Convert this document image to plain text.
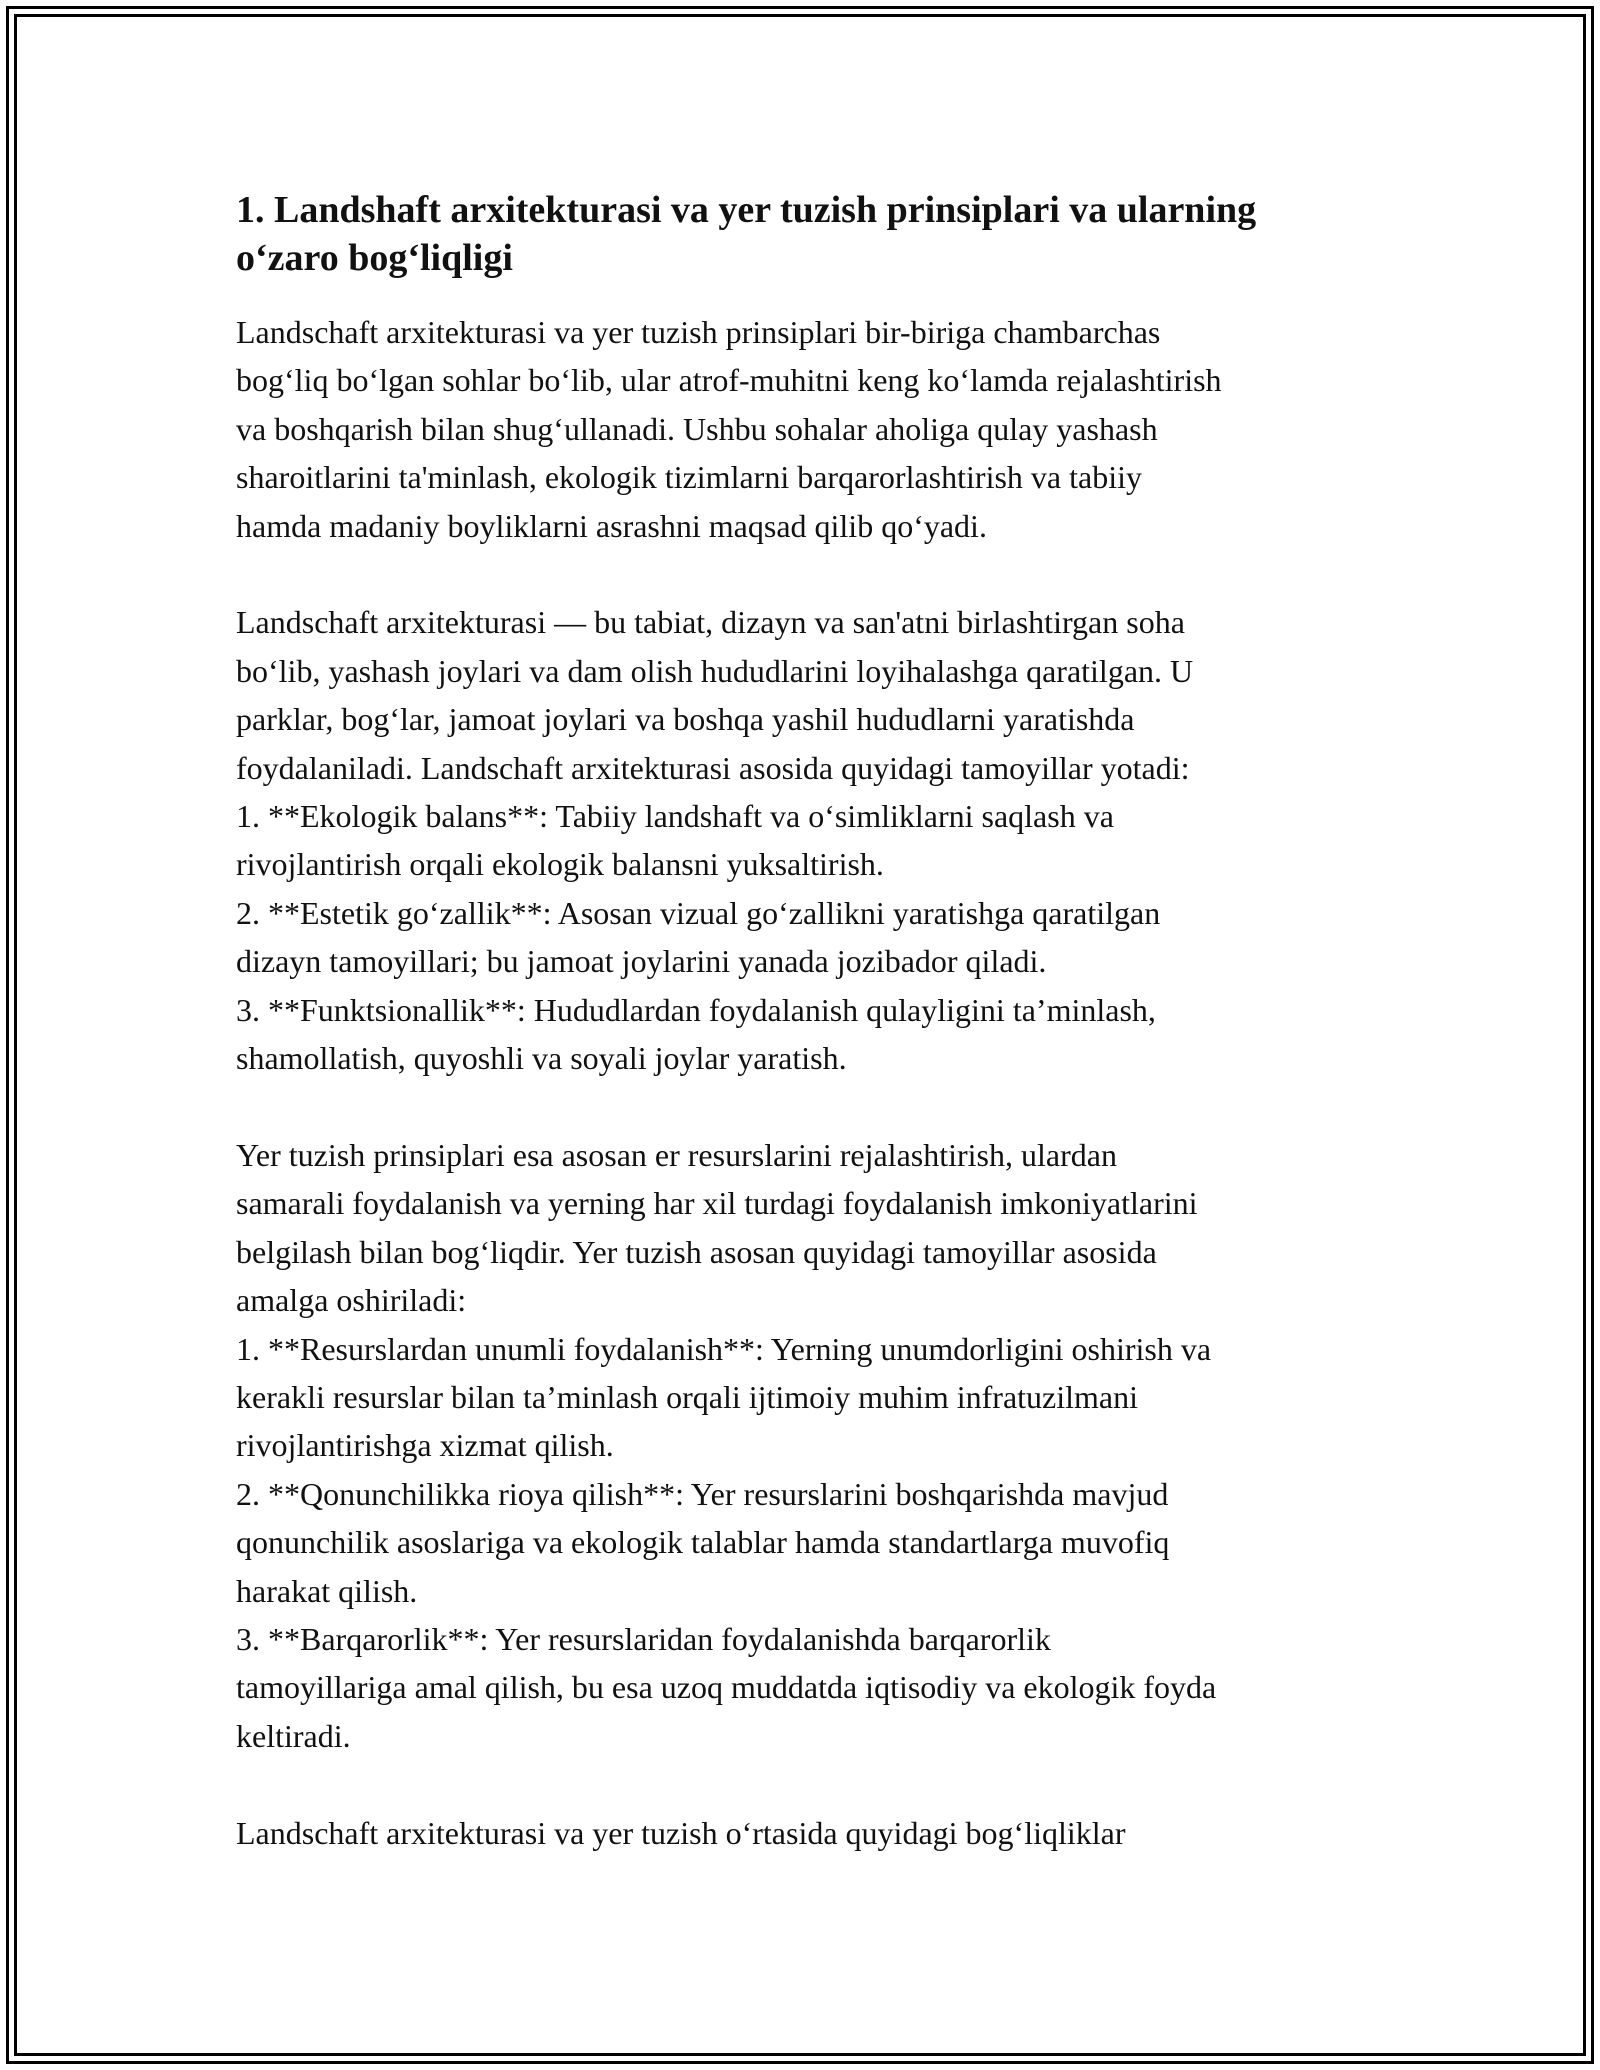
1. Landshaft arxitekturasi va yer tuzish prinsiplari va ularning
o‘zaro bog‘liqligi
Landschaft arxitekturasi va yer tuzish prinsiplari bir-biriga chambarchas
bog‘liq bo‘lgan sohlar bo‘lib, ular atrof-muhitni keng ko‘lamda rejalashtirish
va boshqarish bilan shug‘ullanadi. Ushbu sohalar aholiga qulay yashash
sharoitlarini ta'minlash, ekologik tizimlarni barqarorlashtirish va tabiiy
hamda madaniy boyliklarni asrashni maqsad qilib qo‘yadi.
Landschaft arxitekturasi — bu tabiat, dizayn va san'atni birlashtirgan soha
bo‘lib, yashash joylari va dam olish hududlarini loyihalashga qaratilgan. U
parklar, bog‘lar, jamoat joylari va boshqa yashil hududlarni yaratishda
foydalaniladi. Landschaft arxitekturasi asosida quyidagi tamoyillar yotadi:
1. **Ekologik balans**: Tabiiy landshaft va o‘simliklarni saqlash va
rivojlantirish orqali ekologik balansni yuksaltirish.
2. **Estetik go‘zallik**: Asosan vizual go‘zallikni yaratishga qaratilgan
dizayn tamoyillari; bu jamoat joylarini yanada jozibador qiladi.
3. **Funktsionallik**: Hududlardan foydalanish qulayligini ta’minlash,
shamollatish, quyoshli va soyali joylar yaratish.
Yer tuzish prinsiplari esa asosan er resurslarini rejalashtirish, ulardan
samarali foydalanish va yerning har xil turdagi foydalanish imkoniyatlarini
belgilash bilan bog‘liqdir. Yer tuzish asosan quyidagi tamoyillar asosida
amalga oshiriladi:
1. **Resurslardan unumli foydalanish**: Yerning unumdorligini oshirish va
kerakli resurslar bilan ta’minlash orqali ijtimoiy muhim infratuzilmani
rivojlantirishga xizmat qilish.
2. **Qonunchilikka rioya qilish**: Yer resurslarini boshqarishda mavjud
qonunchilik asoslariga va ekologik talablar hamda standartlarga muvofiq
harakat qilish.
3. **Barqarorlik**: Yer resurslaridan foydalanishda barqarorlik
tamoyillariga amal qilish, bu esa uzoq muddatda iqtisodiy va ekologik foyda
keltiradi.
Landschaft arxitekturasi va yer tuzish o‘rtasida quyidagi bog‘liqliklar
